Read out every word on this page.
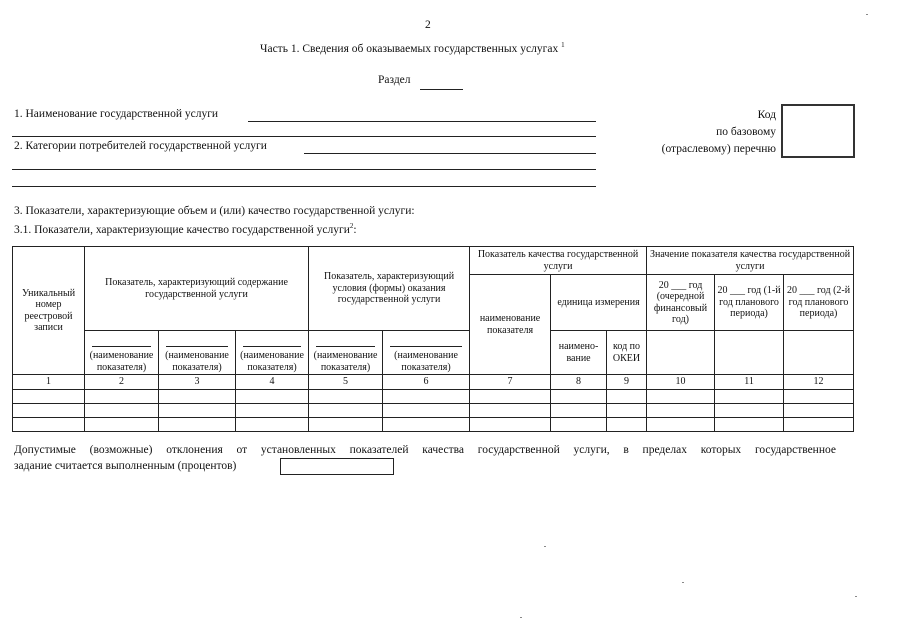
2
Часть 1. Сведения об оказываемых государственных услугах $^1$
Раздел
1. Наименование государственной услуги
2. Категории потребителей государственной услуги
Код
по базовому
(отраслевому) перечню
3. Показатели, характеризующие объем и (или) качество государственной услуги:
3.1. Показатели, характеризующие качество государственной услуги$^2$:
Уникальный номер реестровой записи	Показатель, характеризующий содержание государственной услуги			Показатель, характеризующий условия (формы) оказания государственной услуги		Показатель качества государственной услуги			Значение показателя качества государственной услуги		
						наименование показателя	единица измерения		20 ___ год (очередной финансовый год)	20 ___ год (1-й год планового периода)	20 ___ год (2-й год планового периода)

	(наименование показателя)	(наименование показателя)	(наименование показателя)	(наименование показателя)	(наименование показателя)		наимено-вание	код по ОКЕИ			
1	2	3	4	5	6	7	8	9	10	11	12

Допустимые (возможные) отклонения от установленных показателей качества государственной услуги, в пределах которых государственное
задание считается выполненным (процентов)
